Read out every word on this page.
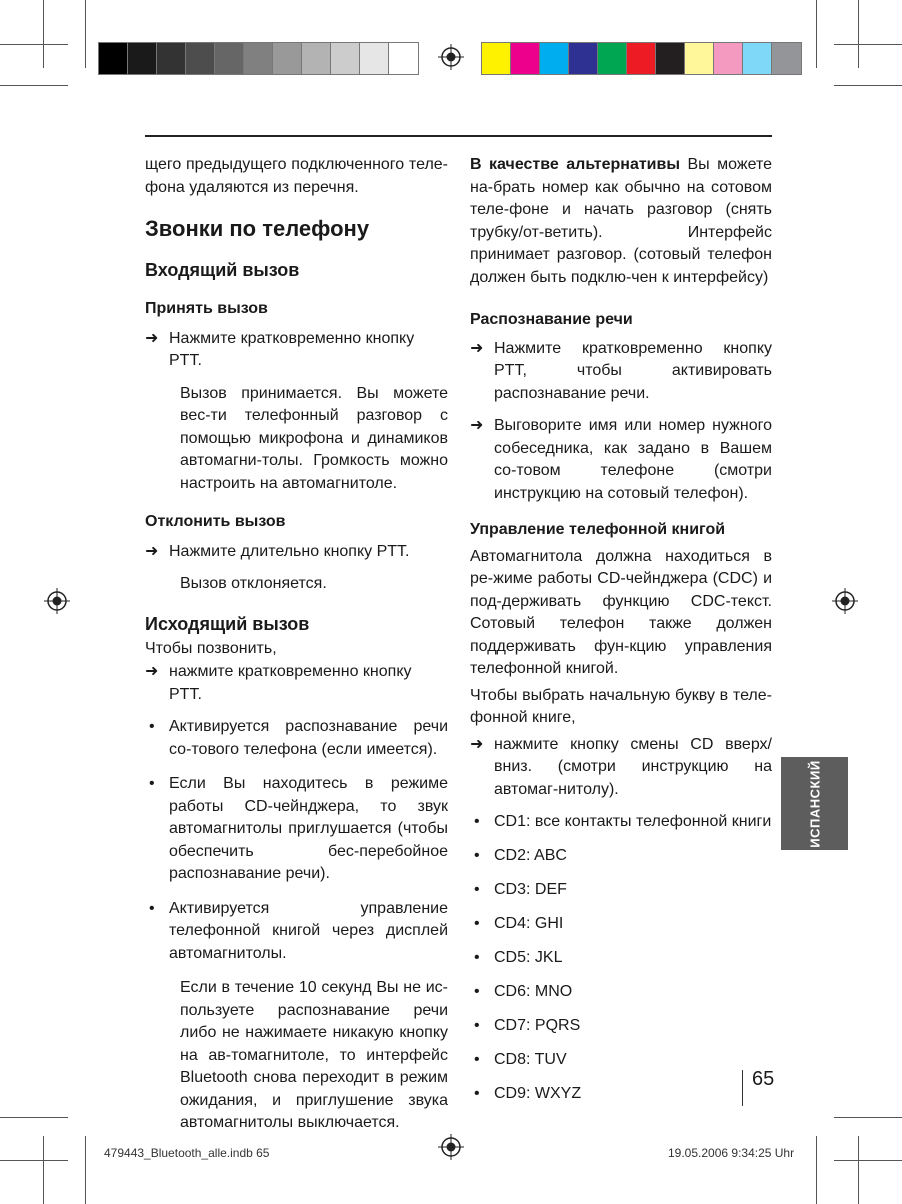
щего предыдущего подключенного теле-фона удаляются из перечня.

Звонки по телефону

Входящий вызов

Принять вызов

➜ Нажмите кратковременно кнопку PTT.

Вызов принимается. Вы можете вес-ти телефонный разговор с помощью микрофона и динамиков автомагни-толы. Громкость можно настроить на автомагнитоле.

Отклонить вызов

➜ Нажмите длительно кнопку PTT.

Вызов отклоняется.

Исходящий вызов

Чтобы позвонить,

➜ нажмите кратковременно кнопку PTT.
• Активируется распознавание речи со-тового телефона (если имеется).
• Если Вы находитесь в режиме работы CD-чейнджера, то звук автомагнитолы приглушается (чтобы обеспечить бес-перебойное распознавание речи).
• Активируется управление телефонной книгой через дисплей автомагнитолы.

Если в течение 10 секунд Вы не ис-пользуете распознавание речи либо не нажимаете никакую кнопку на ав-томагнитоле, то интерфейс Bluetooth снова переходит в режим ожидания, и приглушение звука автомагнитолы выключается.

В качестве альтернативы Вы можете на-брать номер как обычно на сотовом теле-фоне и начать разговор (снять трубку/от-ветить). Интерфейс принимает разговор. (сотовый телефон должен быть подклю-чен к интерфейсу)

Распознавание речи

➜ Нажмите кратковременно кнопку PTT, чтобы активировать распознавание речи.
➜ Выговорите имя или номер нужного собеседника, как задано в Вашем со-товом телефоне (смотри инструкцию на сотовый телефон).

Управление телефонной книгой

Автомагнитола должна находиться в ре-жиме работы CD-чейнджера (CDC) и под-держивать функцию CDC-текст. Сотовый телефон также должен поддерживать фун-кцию управления телефонной книгой.

Чтобы выбрать начальную букву в теле-фонной книге,

➜ нажмите кнопку смены CD вверх/вниз. (смотри инструкцию на автомаг-нитолу).
• CD1: все контакты телефонной книги
• CD2: ABC
• CD3: DEF
• CD4: GHI
• CD5: JKL
• CD6: MNO
• CD7: PQRS
• CD8: TUV
• CD9: WXYZ
ИСПАНСКИЙ
65
479443_Bluetooth_alle.indb 65	19.05.2006 9:34:25 Uhr
